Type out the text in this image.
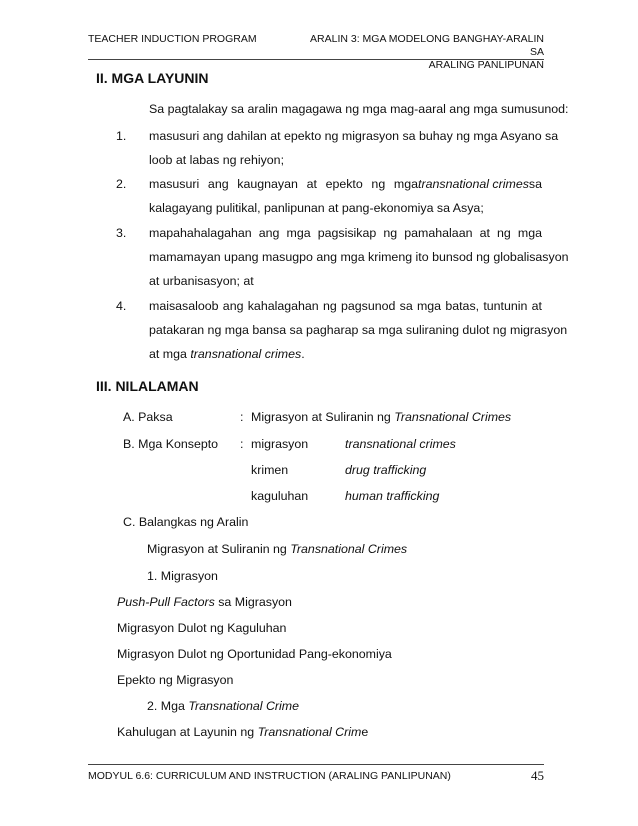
TEACHER INDUCTION PROGRAM	ARALIN 3: MGA MODELONG BANGHAY-ARALIN SA
ARALING PANLIPUNAN
II. MGA LAYUNIN
Sa pagtalakay sa aralin magagawa ng mga mag-aaral ang mga sumusunod:
1. masusuri ang dahilan at epekto ng migrasyon sa buhay ng mga Asyano sa
loob at labas ng rehiyon;
2. masusuri ang kaugnayan at epekto ng mga transnational crimes sa
kalagayang pulitikal, panlipunan at pang-ekonomiya sa Asya;
3. mapahahalagahan ang mga pagsisikap ng pamahalaan at ng mga
mamamayan upang masugpo ang mga krimeng ito bunsod ng globalisasyon
at urbanisasyon; at
4. maisasaloob ang kahalagahan ng pagsunod sa mga batas, tuntunin at
patakaran ng mga bansa sa pagharap sa mga suliraning dulot ng migrasyon
at mga transnational crimes.
III. NILALAMAN
A. Paksa	: Migrasyon at Suliranin ng Transnational Crimes
B. Mga Konsepto : migrasyon	transnational crimes
krimen	drug trafficking
kaguluhan	human trafficking
C. Balangkas ng Aralin
Migrasyon at Suliranin ng Transnational Crimes
1. Migrasyon
Push-Pull Factors sa Migrasyon
Migrasyon Dulot ng Kaguluhan
Migrasyon Dulot ng Oportunidad Pang-ekonomiya
Epekto ng Migrasyon
2. Mga Transnational Crime
Kahulugan at Layunin ng Transnational Crime
MODYUL 6.6: CURRICULUM AND INSTRUCTION (ARALING PANLIPUNAN)	45
